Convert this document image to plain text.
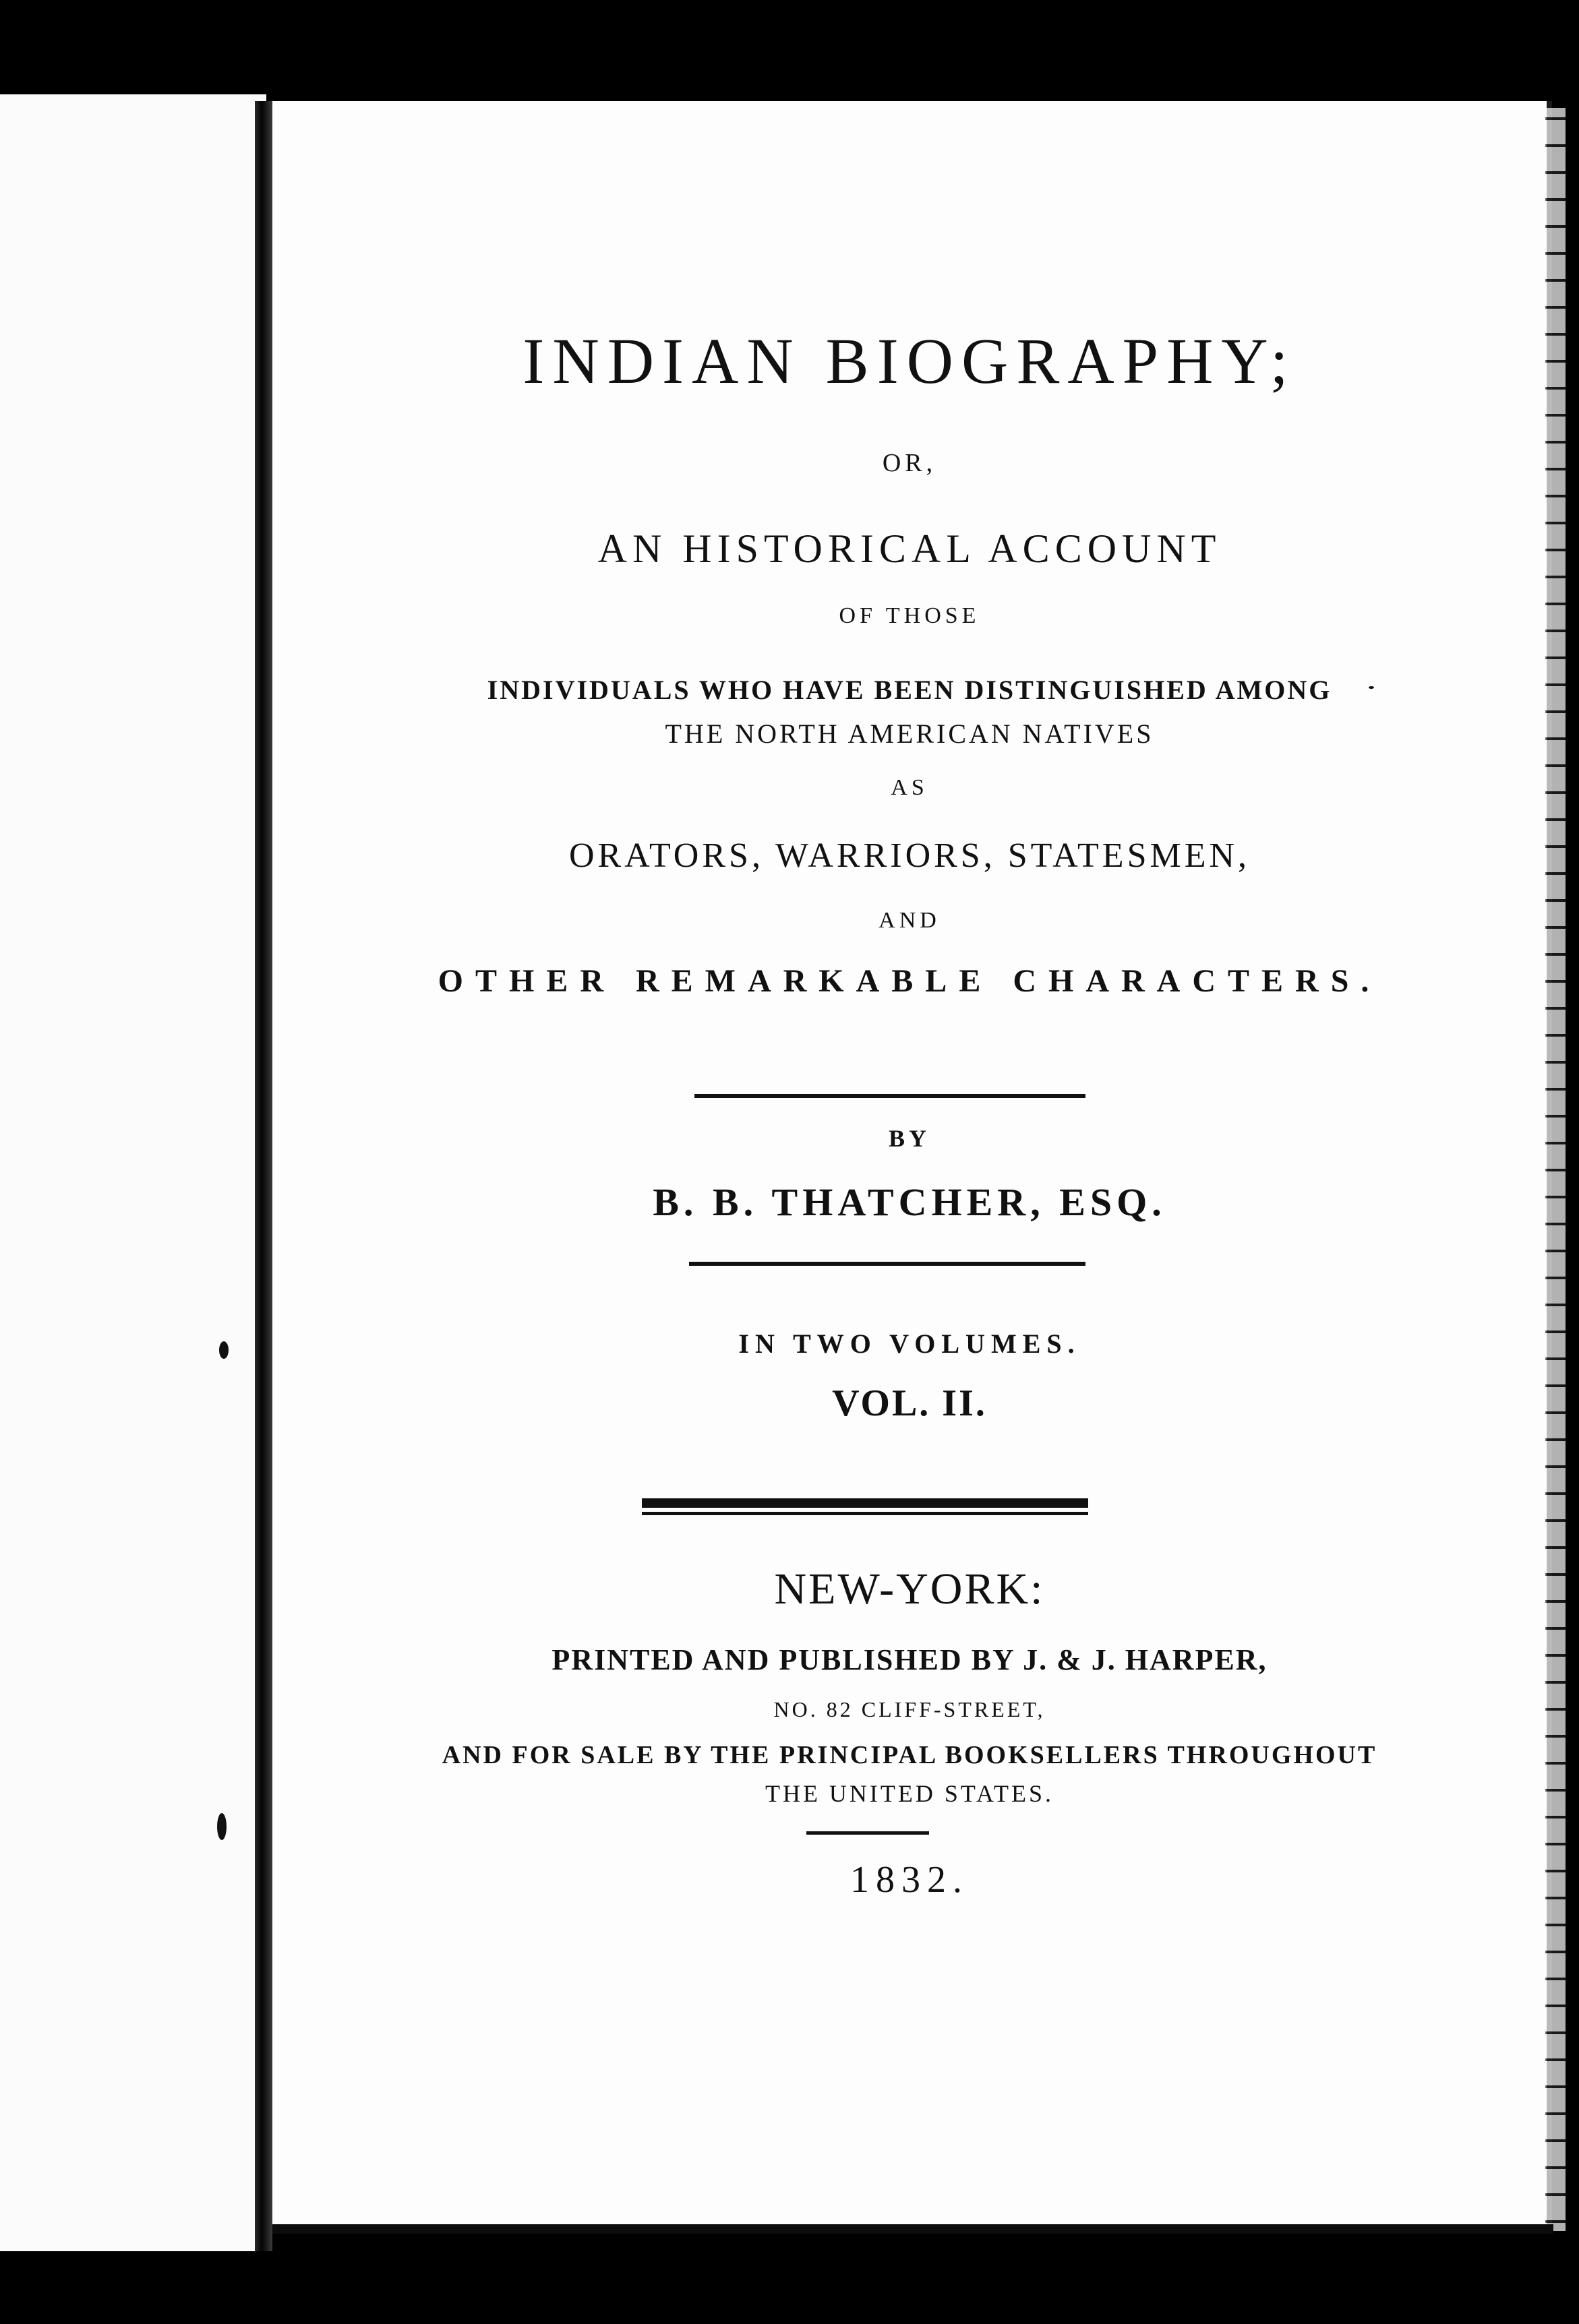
INDIAN BIOGRAPHY;
OR,
AN HISTORICAL ACCOUNT
OF THOSE
INDIVIDUALS WHO HAVE BEEN DISTINGUISHED AMONG
THE NORTH AMERICAN NATIVES
AS
ORATORS, WARRIORS, STATESMEN,
AND
OTHER REMARKABLE CHARACTERS.
BY
B. B. THATCHER, ESQ.
IN TWO VOLUMES.
VOL. II.
NEW-YORK:
PRINTED AND PUBLISHED BY J. & J. HARPER,
NO. 82 CLIFF-STREET,
AND FOR SALE BY THE PRINCIPAL BOOKSELLERS THROUGHOUT
THE UNITED STATES.
1832.
